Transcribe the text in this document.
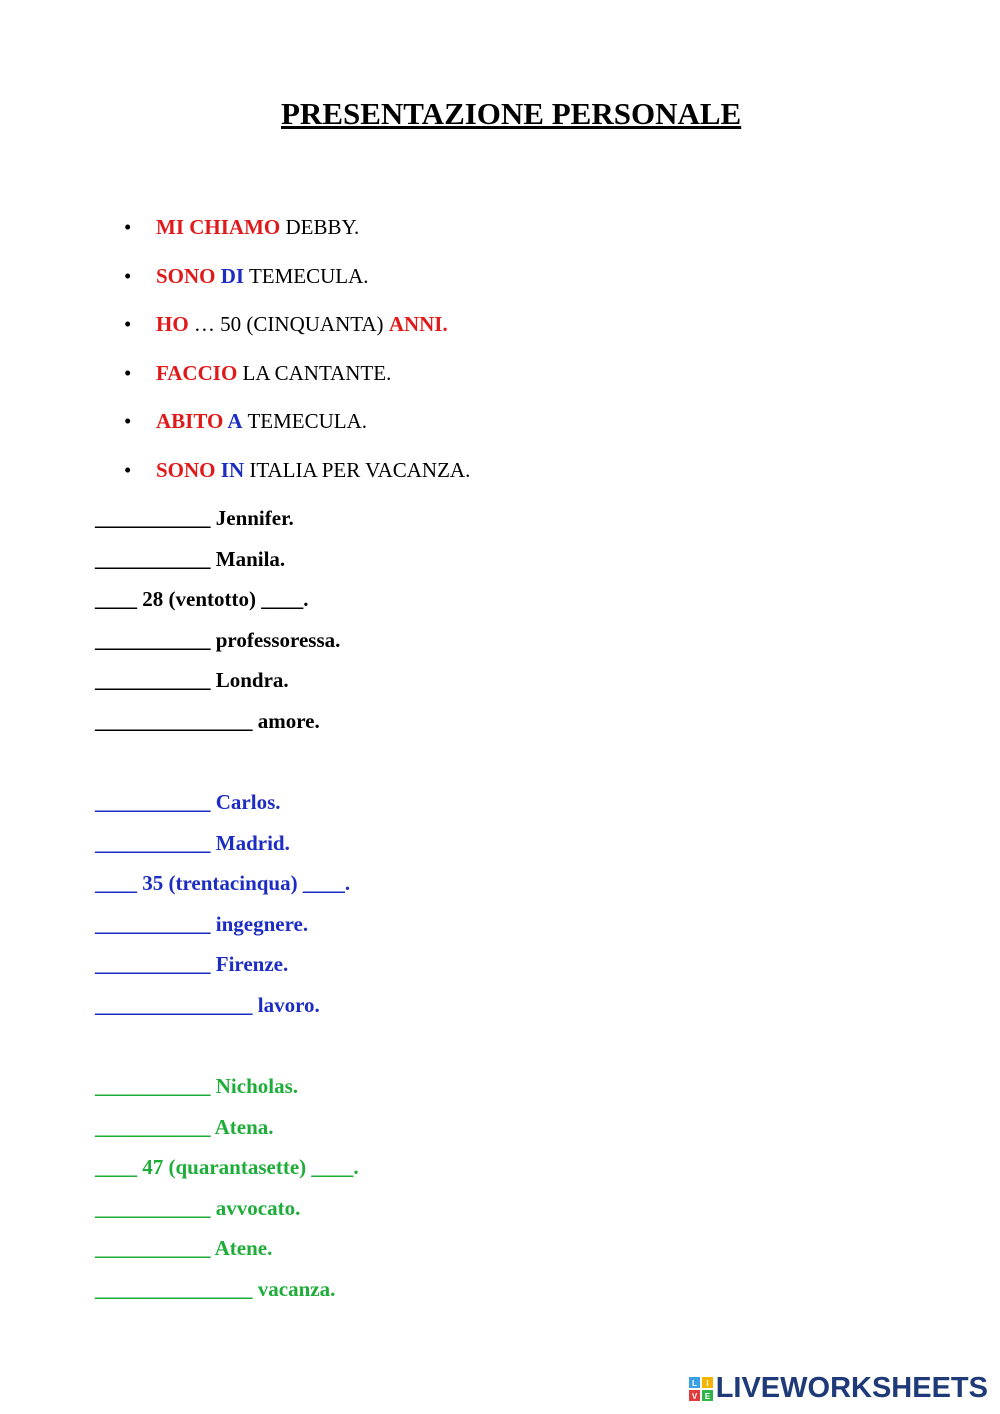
PRESENTAZIONE PERSONALE
• MI CHIAMO DEBBY.
• SONO DI TEMECULA.
• HO … 50 (CINQUANTA) ANNI.
• FACCIO LA CANTANTE.
• ABITO A TEMECULA.
• SONO IN ITALIA PER VACANZA.
___________ Jennifer.
___________ Manila.
____ 28 (ventotto) ____.
___________ professoressa.
___________ Londra.
_______________ amore.
___________ Carlos.
___________ Madrid.
____ 35 (trentacinqua) ____.
___________ ingegnere.
___________ Firenze.
_______________ lavoro.
___________ Nicholas.
___________ Atena.
____ 47 (quarantasette) ____.
___________ avvocato.
___________ Atene.
_______________ vacanza.
L I
V E LIVEWORKSHEETS
